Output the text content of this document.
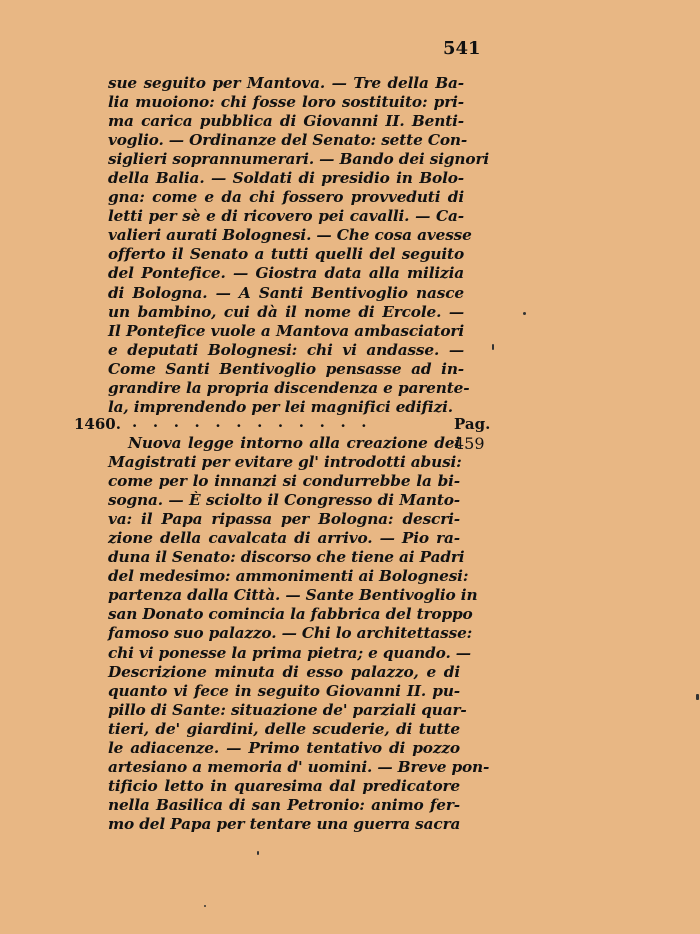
541
sue seguito per Mantova. — Tre della Ba-
lia muoiono: chi fosse loro sostituito: pri-
ma carica pubblica di Giovanni II. Benti-
voglio. — Ordinanze del Senato: sette Con-
siglieri soprannumerari. — Bando dei signori
della Balia. — Soldati di presidio in Bolo-
gna: come e da chi fossero provveduti di
letti per sè e di ricovero pei cavalli. — Ca-
valieri aurati Bolognesi. — Che cosa avesse
offerto il Senato a tutti quelli del seguito
del Pontefice. — Giostra data alla milizia
di Bologna. — A Santi Bentivoglio nasce
un bambino, cui dà il nome di Ercole. —
Il Pontefice vuole a Mantova ambasciatori
e deputati Bolognesi: chi vi andasse. —
Come Santi Bentivoglio pensasse ad in-
grandire la propria discendenza e parente-
la, imprendendo per lei magnifici edifizi.
1460. . . . . . . . . . . . .	Pag. 459
Nuova legge intorno alla creazione dei
Magistrati per evitare gl' introdotti abusi:
come per lo innanzi si condurrebbe la bi-
sogna. — È sciolto il Congresso di Manto-
va: il Papa ripassa per Bologna: descri-
zione della cavalcata di arrivo. — Pio ra-
duna il Senato: discorso che tiene ai Padri
del medesimo: ammonimenti ai Bolognesi:
partenza dalla Città. — Sante Bentivoglio in
san Donato comincia la fabbrica del troppo
famoso suo palazzo. — Chi lo architettasse:
chi vi ponesse la prima pietra; e quando. —
Descrizione minuta di esso palazzo, e di
quanto vi fece in seguito Giovanni II. pu-
pillo di Sante: situazione de' parziali quar-
tieri, de' giardini, delle scuderie, di tutte
le adiacenze. — Primo tentativo di pozzo
artesiano a memoria d' uomini. — Breve pon-
tificio letto in quaresima dal predicatore
nella Basilica di san Petronio: animo fer-
mo del Papa per tentare una guerra sacra
